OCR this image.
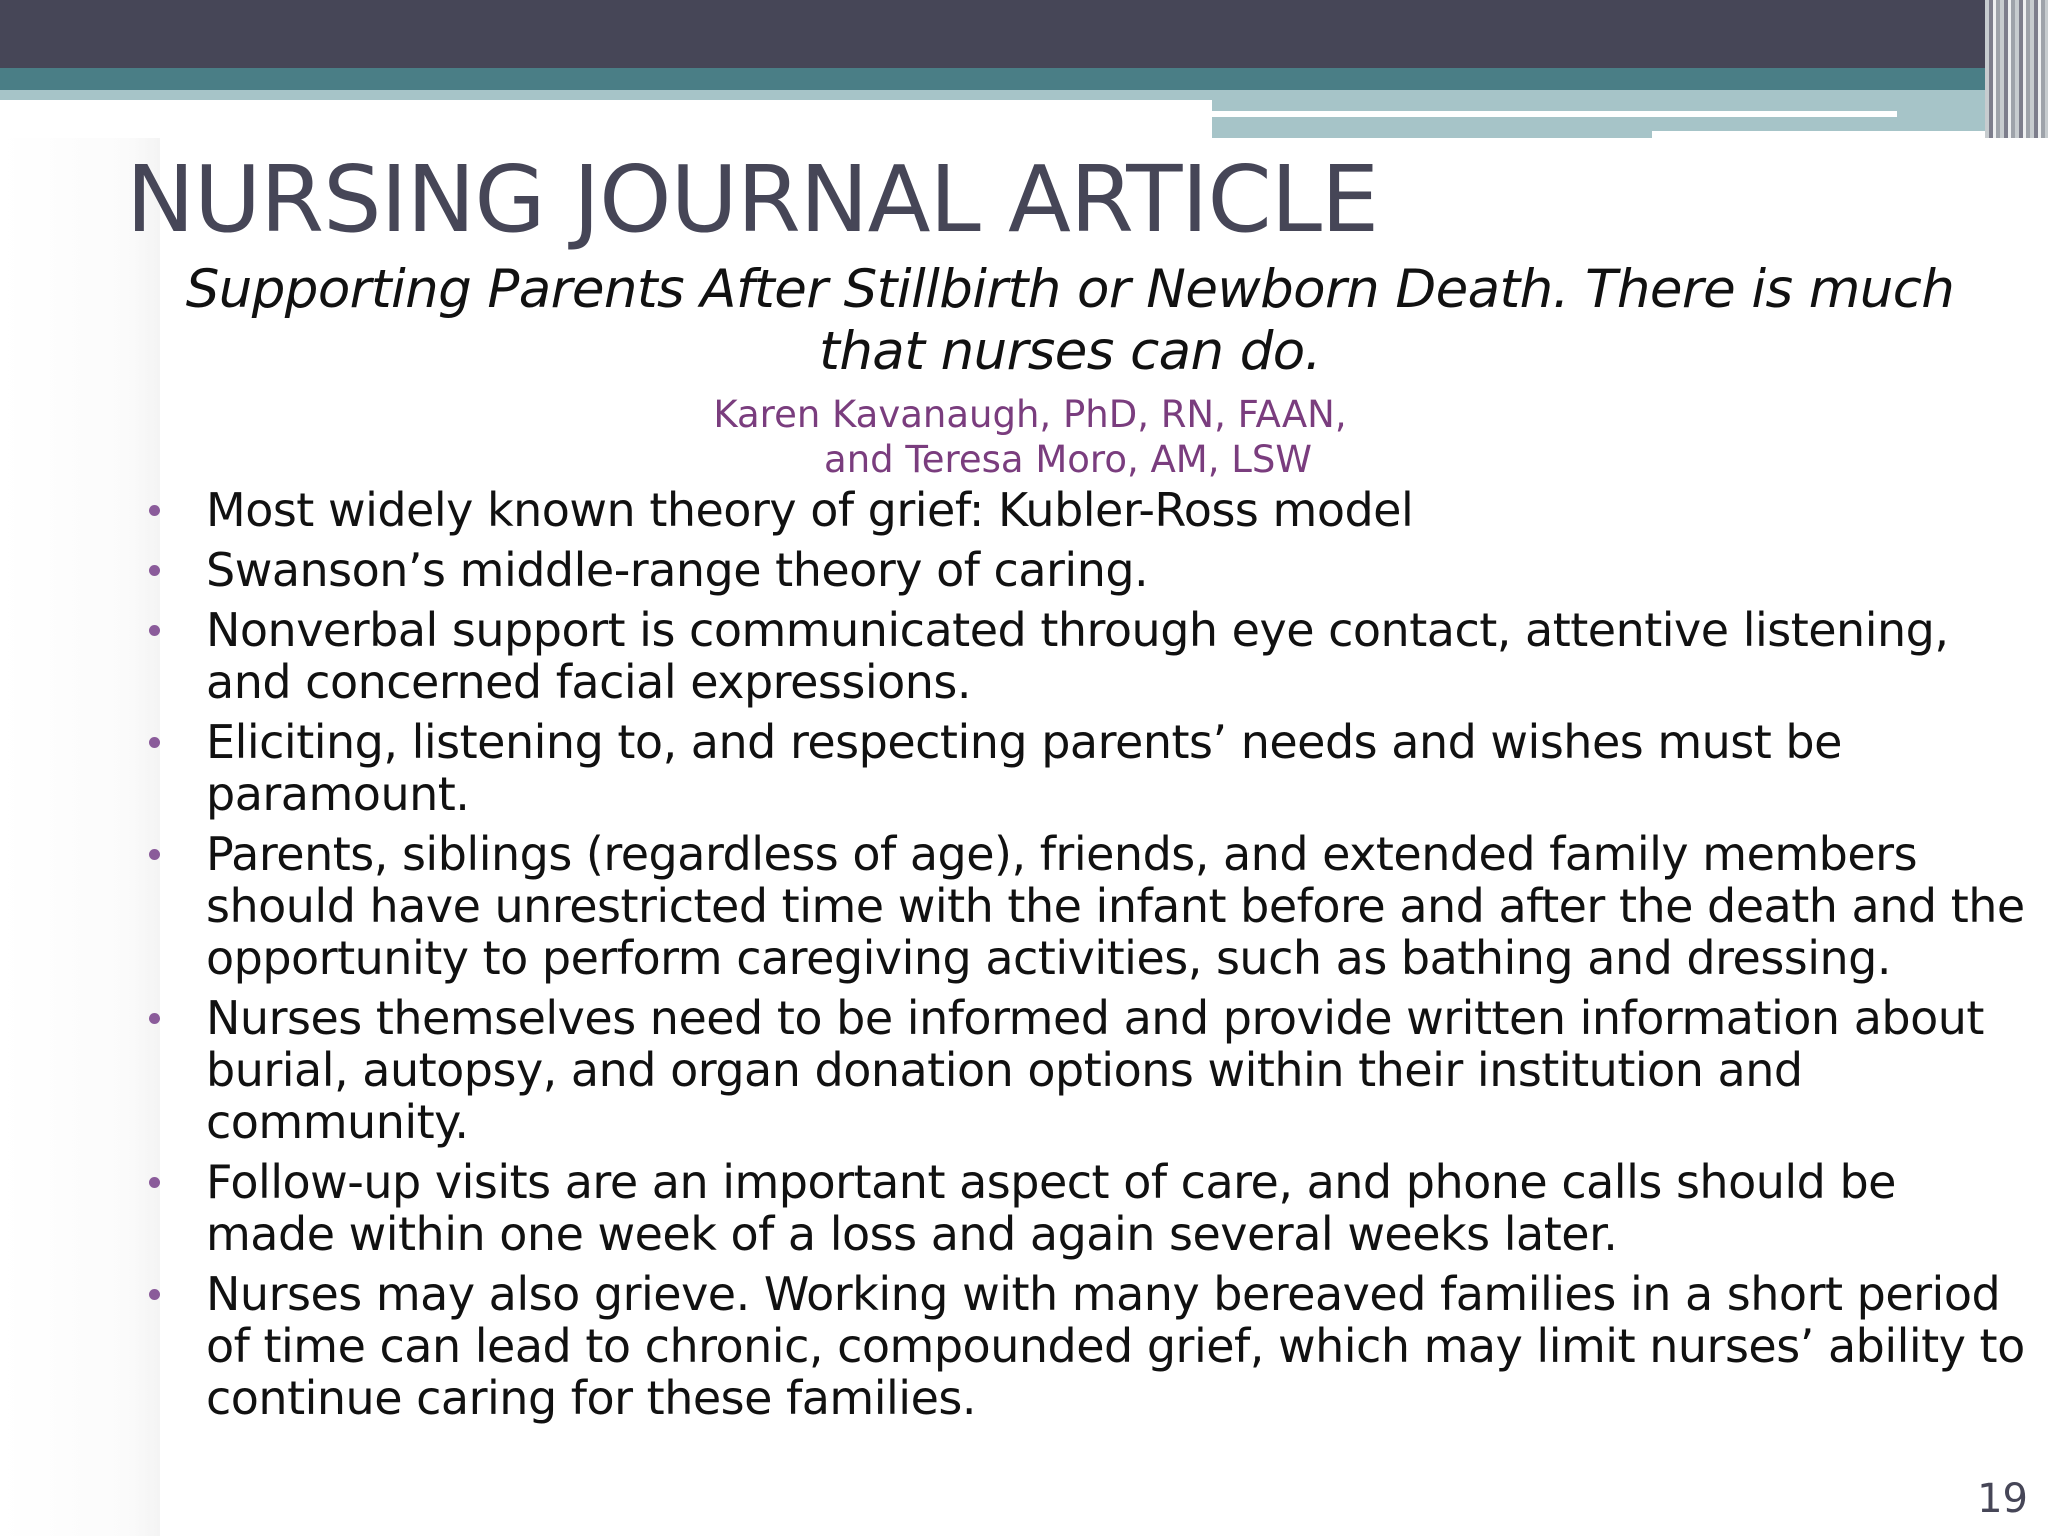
NURSING JOURNAL ARTICLE
Supporting Parents After Stillbirth or Newborn Death. There is much
that nurses can do.
Karen Kavanaugh, PhD, RN, FAAN,
and Teresa Moro, AM, LSW
Most widely known theory of grief: Kubler-Ross model
Swanson’s middle-range theory of caring.
Nonverbal support is communicated through eye contact, attentive listening, and concerned facial expressions.
Eliciting, listening to, and respecting parents’ needs and wishes must be paramount.
Parents, siblings (regardless of age), friends, and extended family members should have unrestricted time with the infant before and after the death and the opportunity to perform caregiving activities, such as bathing and dressing.
Nurses themselves need to be informed and provide written information about burial, autopsy, and organ donation options within their institution and community.
Follow-up visits are an important aspect of care, and phone calls should be made within one week of a loss and again several weeks later.
Nurses may also grieve. Working with many bereaved families in a short period of time can lead to chronic, compounded grief, which may limit nurses’ ability to continue caring for these families.
19
